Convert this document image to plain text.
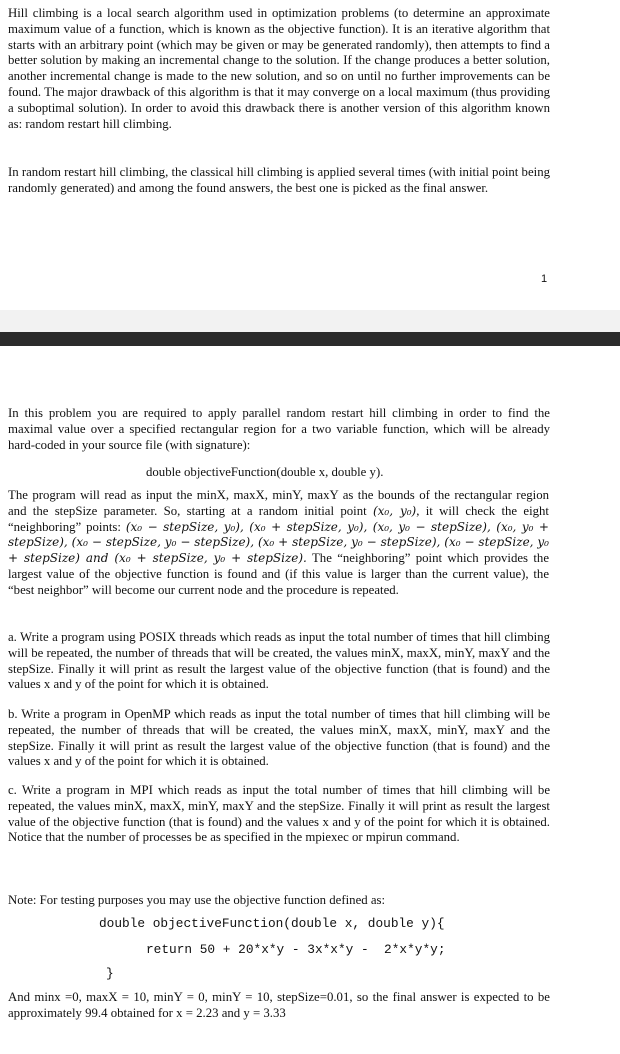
Hill climbing is a local search algorithm used in optimization problems (to determine an approximate maximum value of a function, which is known as the objective function). It is an iterative algorithm that starts with an arbitrary point (which may be given or may be generated randomly), then attempts to find a better solution by making an incremental change to the solution. If the change produces a better solution, another incremental change is made to the new solution, and so on until no further improvements can be found. The major drawback of this algorithm is that it may converge on a local maximum (thus providing a suboptimal solution). In order to avoid this drawback there is another version of this algorithm known as: random restart hill climbing.

In random restart hill climbing, the classical hill climbing is applied several times (with initial point being randomly generated) and among the found answers, the best one is picked as the final answer.

1

In this problem you are required to apply parallel random restart hill climbing in order to find the maximal value over a specified rectangular region for a two variable function, which will be already hard-coded in your source file (with signature):

double objectiveFunction(double x, double y).

The program will read as input the minX, maxX, minY, maxY as the bounds of the rectangular region and the stepSize parameter. So, starting at a random initial point (x₀, y₀), it will check the eight “neighboring” points: (x₀ − stepSize, y₀), (x₀ + stepSize, y₀), (x₀, y₀ − stepSize), (x₀, y₀ + stepSize), (x₀ − stepSize, y₀ − stepSize), (x₀ + stepSize, y₀ − stepSize), (x₀ − stepSize, y₀ + stepSize) and (x₀ + stepSize, y₀ + stepSize). The “neighboring” point which provides the largest value of the objective function is found and (if this value is larger than the current value), the “best neighbor” will become our current node and the procedure is repeated.

a. Write a program using POSIX threads which reads as input the total number of times that hill climbing will be repeated, the number of threads that will be created, the values minX, maxX, minY, maxY and the stepSize. Finally it will print as result the largest value of the objective function (that is found) and the values x and y of the point for which it is obtained.

b. Write a program in OpenMP which reads as input the total number of times that hill climbing will be repeated, the number of threads that will be created, the values minX, maxX, minY, maxY and the stepSize. Finally it will print as result the largest value of the objective function (that is found) and the values x and y of the point for which it is obtained.

c. Write a program in MPI which reads as input the total number of times that hill climbing will be repeated, the values minX, maxX, minY, maxY and the stepSize. Finally it will print as result the largest value of the objective function (that is found) and the values x and y of the point for which it is obtained. Notice that the number of processes be as specified in the mpiexec or mpirun command.

Note: For testing purposes you may use the objective function defined as:

double objectiveFunction(double x, double y){
return 50 + 20*x*y - 3x*x*y -  2*x*y*y;
}

And minx =0, maxX = 10, minY = 0, minY = 10, stepSize=0.01, so the final answer is expected to be approximately 99.4 obtained for x = 2.23 and y = 3.33
